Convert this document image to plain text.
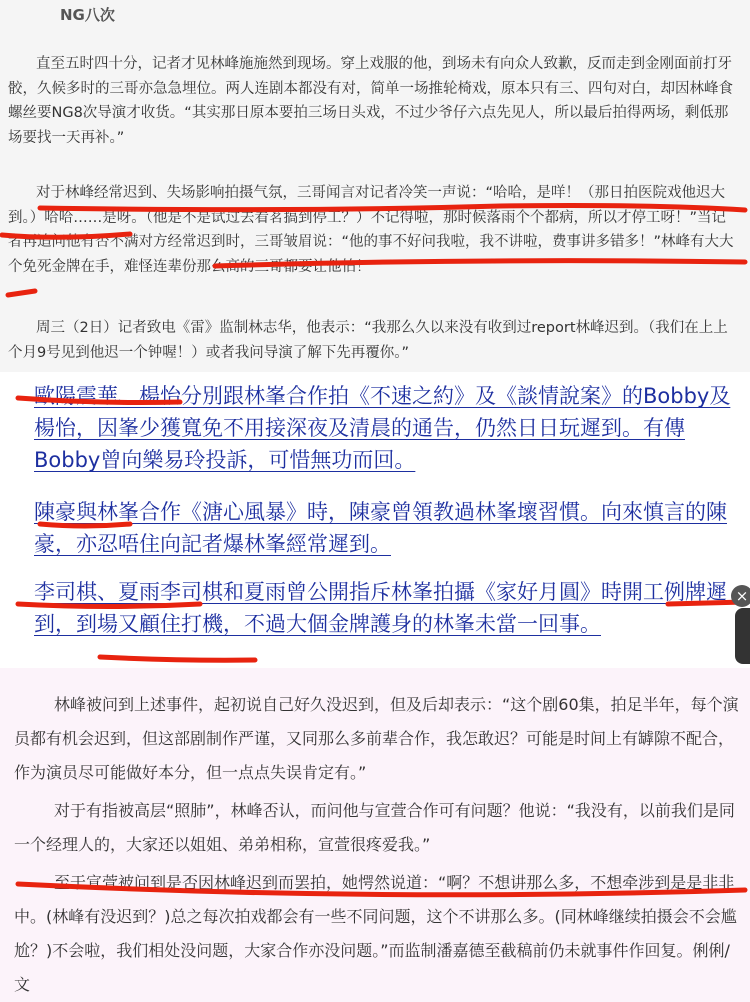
NG八次

直至五时四十分，记者才见林峰施施然到现场。穿上戏服的他，到场未有向众人致歉，反而走到金刚面前打牙骹，久候多时的三哥亦急急埋位。两人连剧本都没有对，简单一场推轮椅戏，原本只有三、四句对白，却因林峰食螺丝要NG8次导演才收货。“其实那日原本要拍三场日头戏，不过少爷仔六点先见人，所以最后拍得两场，剩低那场要找一天再补。”

对于林峰经常迟到、失场影响拍摄气氛，三哥闻言对记者冷笑一声说：“哈哈，是咩！（那日拍医院戏他迟大到。）哈哈……是呀。（他是不是试过去看茗搞到停工？）不记得啦，那时候落雨个个都病，所以才停工呀！”当记者再追问他有否不满对方经常迟到时，三哥皱眉说：“他的事不好问我啦，我不讲啦，费事讲多错多！”林峰有大大个免死金牌在手，难怪连辈份那么高的三哥都要让他怕！

周三（2日）记者致电《雷》监制林志华，他表示：“我那么久以来没有收到过report林峰迟到。（我们在上上个月9号见到他迟一个钟喔！）或者我问导演了解下先再覆你。”

歐陽震華、楊怡分別跟林峯合作拍《不速之約》及《談情說案》的Bobby及楊怡，因峯少獲寬免不用接深夜及清晨的通告，仍然日日玩遲到。有傳Bobby曾向樂易玲投訴，可惜無功而回。

陳豪與林峯合作《溏心風暴》時，陳豪曾領教過林峯壞習慣。向來慎言的陳豪，亦忍唔住向記者爆林峯經常遲到。

李司棋、夏雨李司棋和夏雨曾公開指斥林峯拍攝《家好月圓》時開工例牌遲到，到場又顧住打機，不過大個金牌護身的林峯未當一回事。

林峰被问到上述事件，起初说自己好久没迟到，但及后却表示：“这个剧60集，拍足半年，每个演员都有机会迟到，但这部剧制作严谨，又同那么多前辈合作，我怎敢迟？可能是时间上有罅隙不配合，作为演员尽可能做好本分，但一点点失误肯定有。”

对于有指被高层“照肺”，林峰否认，而问他与宣萱合作可有问题？他说：“我没有，以前我们是同一个经理人的，大家还以姐姐、弟弟相称，宣萱很疼爱我。”

至于宣萱被问到是否因林峰迟到而罢拍，她愕然说道：“啊？不想讲那么多，不想牵涉到是是非非中。(林峰有没迟到？)总之每次拍戏都会有一些不同问题，这个不讲那么多。(同林峰继续拍摄会不会尴尬？)不会啦，我们相处没问题，大家合作亦没问题。”而监制潘嘉德至截稿前仍未就事件作回复。俐俐/文

×
